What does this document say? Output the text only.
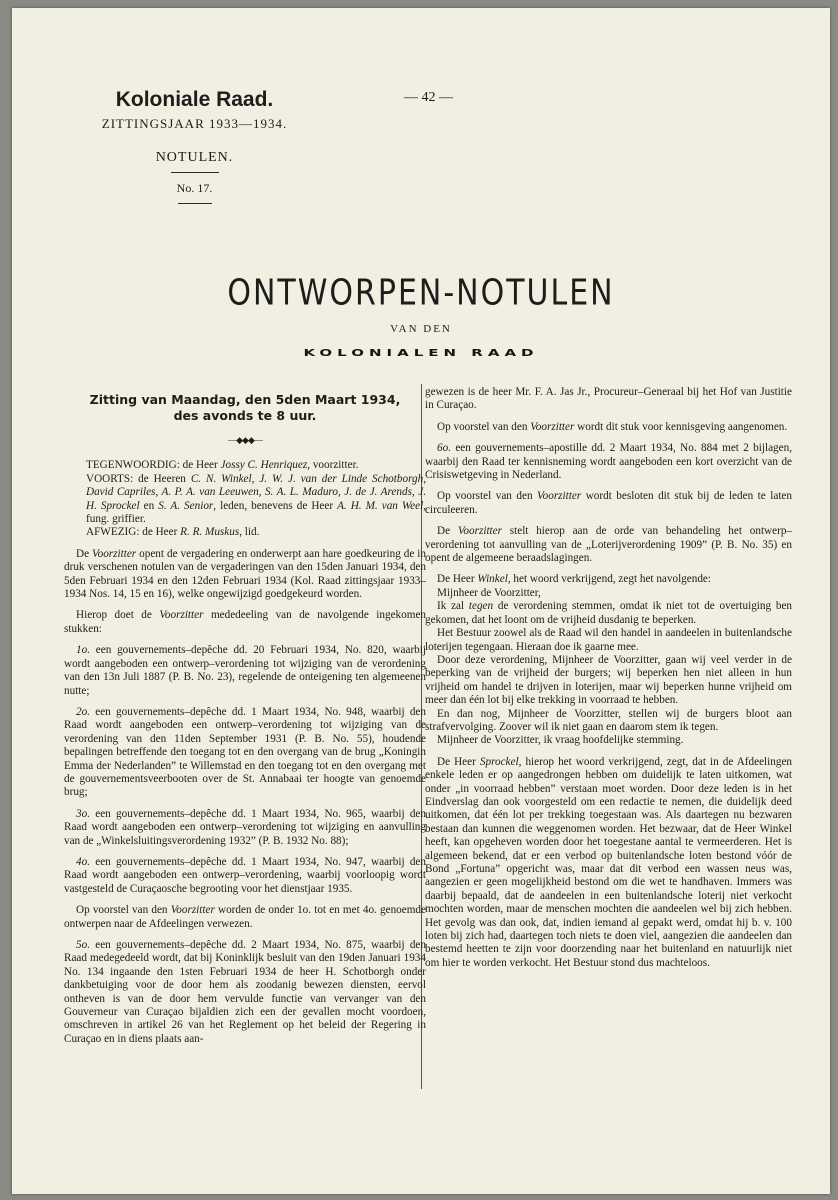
Koloniale Raad.
ZITTINGSJAAR 1933—1934.
NOTULEN.
No. 17.
— 42 —
ONTWORPEN-NOTULEN
VAN DEN
KOLONIALEN RAAD
Zitting van Maandag, den 5den Maart 1934,
des avonds te 8 uur.
—◆◆◆—

TEGENWOORDIG: de Heer Jossy C. Henriquez, voorzitter.

VOORTS: de Heeren C. N. Winkel, J. W. J. van der Linde Schotborgh, David Capriles, A. P. A. van Leeuwen, S. A. L. Maduro, J. de J. Arends, J. H. Sprockel en S. A. Senior, leden, benevens de Heer A. H. M. van Weel, fung. griffier.

AFWEZIG: de Heer R. R. Muskus, lid.

De Voorzitter opent de vergadering en onderwerpt aan hare goedkeuring de in druk verschenen notulen van de vergaderingen van den 15den Januari 1934, den 5den Februari 1934 en den 12den Februari 1934 (Kol. Raad zittingsjaar 1933–1934 Nos. 14, 15 en 16), welke ongewijzigd goedgekeurd worden.

Hierop doet de Voorzitter mededeeling van de navolgende ingekomen stukken:

1o. een gouvernements–depêche dd. 20 Februari 1934, No. 820, waarbij wordt aangeboden een ontwerp–verordening tot wijziging van de verordening van den 13n Juli 1887 (P. B. No. 23), regelende de onteigening ten algemeenen nutte;

2o. een gouvernements–depêche dd. 1 Maart 1934, No. 948, waarbij den Raad wordt aangeboden een ontwerp–verordening tot wijziging van de verordening van den 11den September 1931 (P. B. No. 55), houdende bepalingen betreffende den toegang tot en den overgang van de brug „Koningin Emma der Nederlanden” te Willemstad en den toegang tot en den overgang met de gouvernementsveerbooten over de St. Annabaai ter hoogte van genoemde brug;

3o. een gouvernements–depêche dd. 1 Maart 1934, No. 965, waarbij den Raad wordt aangeboden een ontwerp–verordening tot wijziging en aanvulling van de „Winkelsluitingsverordening 1932” (P. B. 1932 No. 88);

4o. een gouvernements–depêche dd. 1 Maart 1934, No. 947, waarbij den Raad wordt aangeboden een ontwerp–verordening, waarbij voorloopig wordt vastgesteld de Curaçaosche begrooting voor het dienstjaar 1935.

Op voorstel van den Voorzitter worden de onder 1o. tot en met 4o. genoemde ontwerpen naar de Afdeelingen verwezen.

5o. een gouvernements–depêche dd. 2 Maart 1934, No. 875, waarbij den Raad medegedeeld wordt, dat bij Koninklijk besluit van den 19den Januari 1934 No. 134 ingaande den 1sten Februari 1934 de heer H. Schotborgh onder dankbetuiging voor de door hem als zoodanig bewezen diensten, eervol ontheven is van de door hem vervulde functie van vervanger van den Gouverneur van Curaçao bijaldien zich een der gevallen mocht voordoen, omschreven in artikel 26 van het Reglement op het beleid der Regering in Curaçao en in diens plaats aan-

gewezen is de heer Mr. F. A. Jas Jr., Procureur–Generaal bij het Hof van Justitie in Curaçao.

Op voorstel van den Voorzitter wordt dit stuk voor kennisgeving aangenomen.

6o. een gouvernements–apostille dd. 2 Maart 1934, No. 884 met 2 bijlagen, waarbij den Raad ter kennisneming wordt aangeboden een kort overzicht van de Crisiswetgeving in Nederland.

Op voorstel van den Voorzitter wordt besloten dit stuk bij de leden te laten circuleeren.

De Voorzitter stelt hierop aan de orde van behandeling het ontwerp–verordening tot aanvulling van de „Loterijverordening 1909” (P. B. No. 35) en opent de algemeene beraadslagingen.

De Heer Winkel, het woord verkrijgend, zegt het navolgende:

Mijnheer de Voorzitter,

Ik zal tegen de verordening stemmen, omdat ik niet tot de overtuiging ben gekomen, dat het loont om de vrijheid dusdanig te beperken.

Het Bestuur zoowel als de Raad wil den handel in aandeelen in buitenlandsche loterijen tegengaan. Hieraan doe ik gaarne mee.

Door deze verordening, Mijnheer de Voorzitter, gaan wij veel verder in de beperking van de vrijheid der burgers; wij beperken hen niet alleen in hun vrijheid om handel te drijven in loterijen, maar wij beperken hunne vrijheid om meer dan één lot bij elke trekking in voorraad te hebben.

En dan nog, Mijnheer de Voorzitter, stellen wij de burgers bloot aan strafvervolging. Zoover wil ik niet gaan en daarom stem ik tegen.

Mijnheer de Voorzitter, ik vraag hoofdelijke stemming.

De Heer Sprockel, hierop het woord verkrijgend, zegt, dat in de Afdeelingen enkele leden er op aangedrongen hebben om duidelijk te laten uitkomen, wat onder „in voorraad hebben” verstaan moet worden. Door deze leden is in het Eindverslag dan ook voorgesteld om een redactie te nemen, die duidelijk deed uitkomen, dat één lot per trekking toegestaan was. Als daartegen nu bezwaren bestaan dan kunnen die weggenomen worden. Het bezwaar, dat de Heer Winkel heeft, kan opgeheven worden door het toegestane aantal te vermeerderen. Het is algemeen bekend, dat er een verbod op buitenlandsche loten bestond vóór de Bond „Fortuna” opgericht was, maar dat dit verbod een wassen neus was, aangezien er geen mogelijkheid bestond om die wet te handhaven. Immers was daarbij bepaald, dat de aandeelen in een buitenlandsche loterij niet verkocht mochten worden, maar de menschen mochten die aandeelen wel bij zich hebben. Het gevolg was dan ook, dat, indien iemand al gepakt werd, omdat hij b. v. 100 loten bij zich had, daartegen toch niets te doen viel, aangezien die aandeelen dan bestemd heetten te zijn voor doorzending naar het buitenland en natuurlijk niet om hier te worden verkocht. Het Bestuur stond dus machteloos.
